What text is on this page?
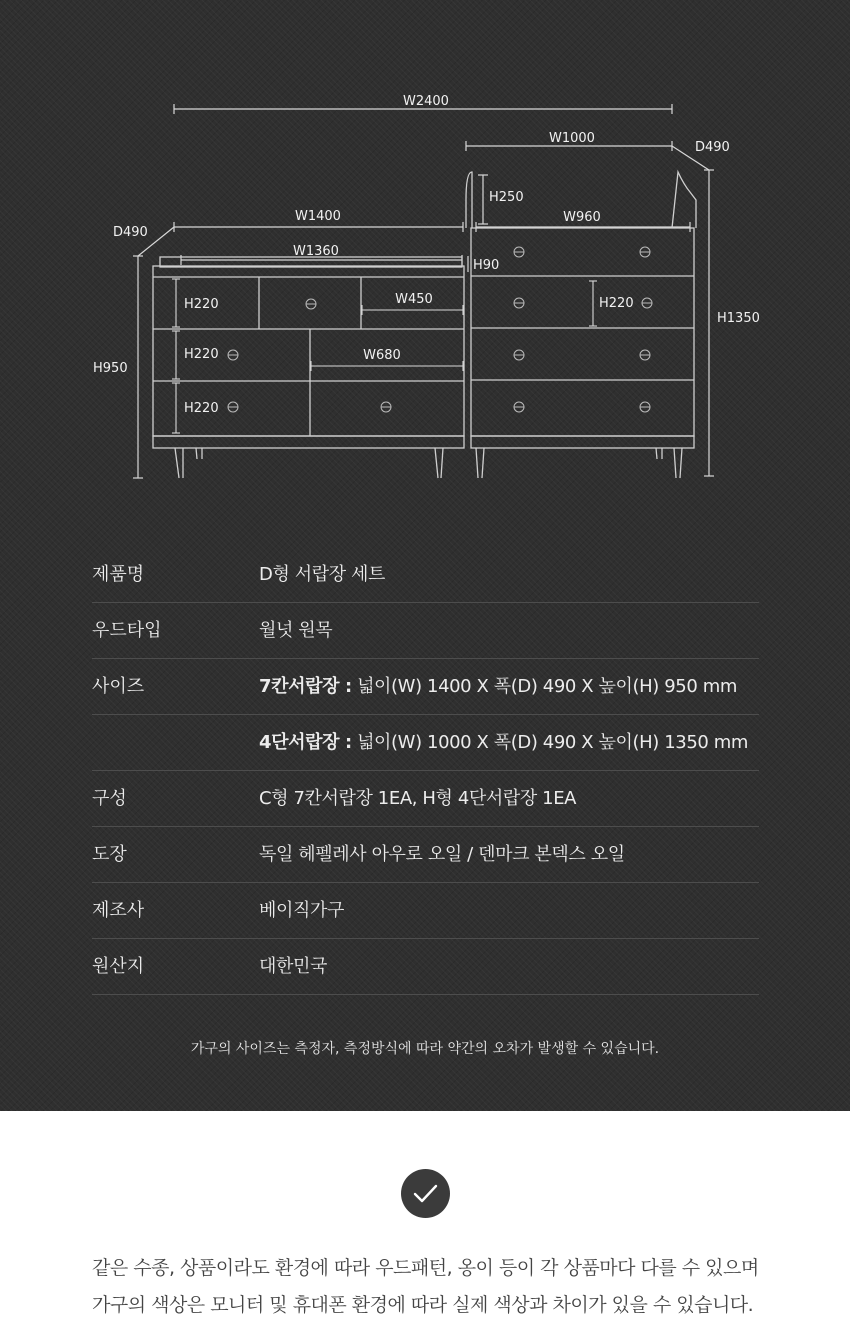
W2400
W1000
D490
H250
W960
W1400
D490
W1360
H90
H220	W450	H220
H1350
H950
H220	W680
H220
제품명	D형 서랍장 세트
우드타입	월넛 원목
사이즈	7칸서랍장 : 넓이(W) 1400 X 폭(D) 490 X 높이(H) 950 mm
4단서랍장 : 넓이(W) 1000 X 폭(D) 490 X 높이(H) 1350 mm
구성	C형 7칸서랍장 1EA, H형 4단서랍장 1EA
도장	독일 헤펠레사 아우로 오일 / 덴마크 본덱스 오일
제조사	베이직가구
원산지	대한민국
가구의 사이즈는 측정자, 측정방식에 따라 약간의 오차가 발생할 수 있습니다.
같은 수종, 상품이라도 환경에 따라 우드패턴, 옹이 등이 각 상품마다 다를 수 있으며
가구의 색상은 모니터 및 휴대폰 환경에 따라 실제 색상과 차이가 있을 수 있습니다.
